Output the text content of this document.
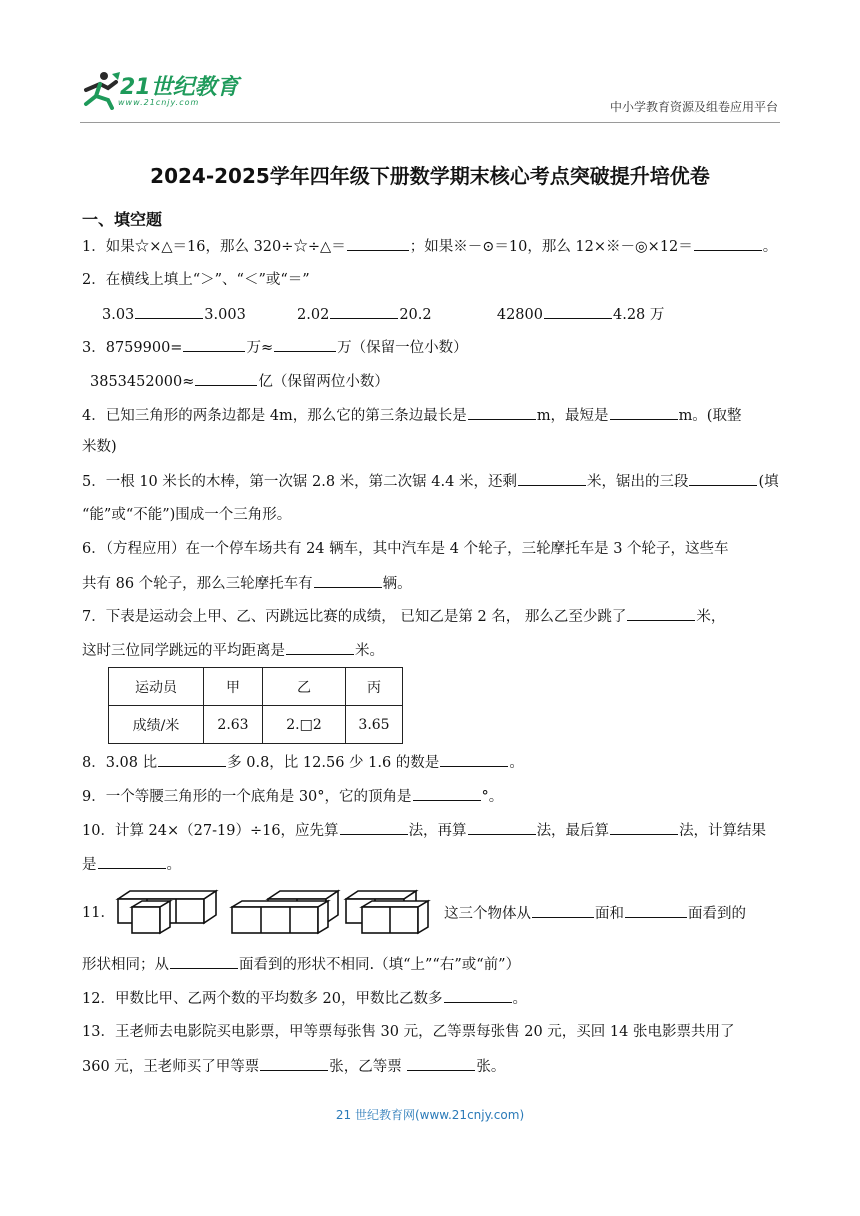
21世纪教育
www.21cnjy.com	中小学教育资源及组卷应用平台
2024-2025学年四年级下册数学期末核心考点突破提升培优卷
一、填空题
1．如果☆×△＝16，那么 320÷☆÷△＝	；如果※－⊙＝10，那么 12×※－◎×12＝	。
2．在横线上填上“＞”、“＜”或“＝”
3.03	3.003	2.02	20.2	42800	4.28 万
3．8759900=	万≈	万（保留一位小数）
3853452000≈	亿（保留两位小数）
4．已知三角形的两条边都是 4m，那么它的第三条边最长是	m，最短是	m。(取整
米数)
5．一根 10 米长的木棒，第一次锯 2.8 米，第二次锯 4.4 米，还剩	米，锯出的三段	(填
“能”或“不能”)围成一个三角形。
6．（方程应用）在一个停车场共有 24 辆车，其中汽车是 4 个轮子，三轮摩托车是 3 个轮子，这些车
共有 86 个轮子，那么三轮摩托车有	辆。
7．下表是运动会上甲、乙、丙跳远比赛的成绩， 已知乙是第 2 名， 那么乙至少跳了	米，
这时三位同学跳远的平均距离是	米。
运动员	甲	乙	丙
成绩/米	2.63	2.□2	3.65
8．3.08 比	多 0.8，比 12.56 少 1.6 的数是	。
9．一个等腰三角形的一个底角是 30°，它的顶角是	°。
10．计算 24×（27-19）÷16，应先算	法，再算	法，最后算	法，计算结果
是	。
11．	这三个物体从	面和	面看到的
形状相同；从	面看到的形状不相同.（填“上”“右”或“前”）
12．甲数比甲、乙两个数的平均数多 20，甲数比乙数多	。
13．王老师去电影院买电影票，甲等票每张售 30 元，乙等票每张售 20 元，买回 14 张电影票共用了
360 元，王老师买了甲等票	张，乙等票	张。
21 世纪教育网(www.21cnjy.com)
